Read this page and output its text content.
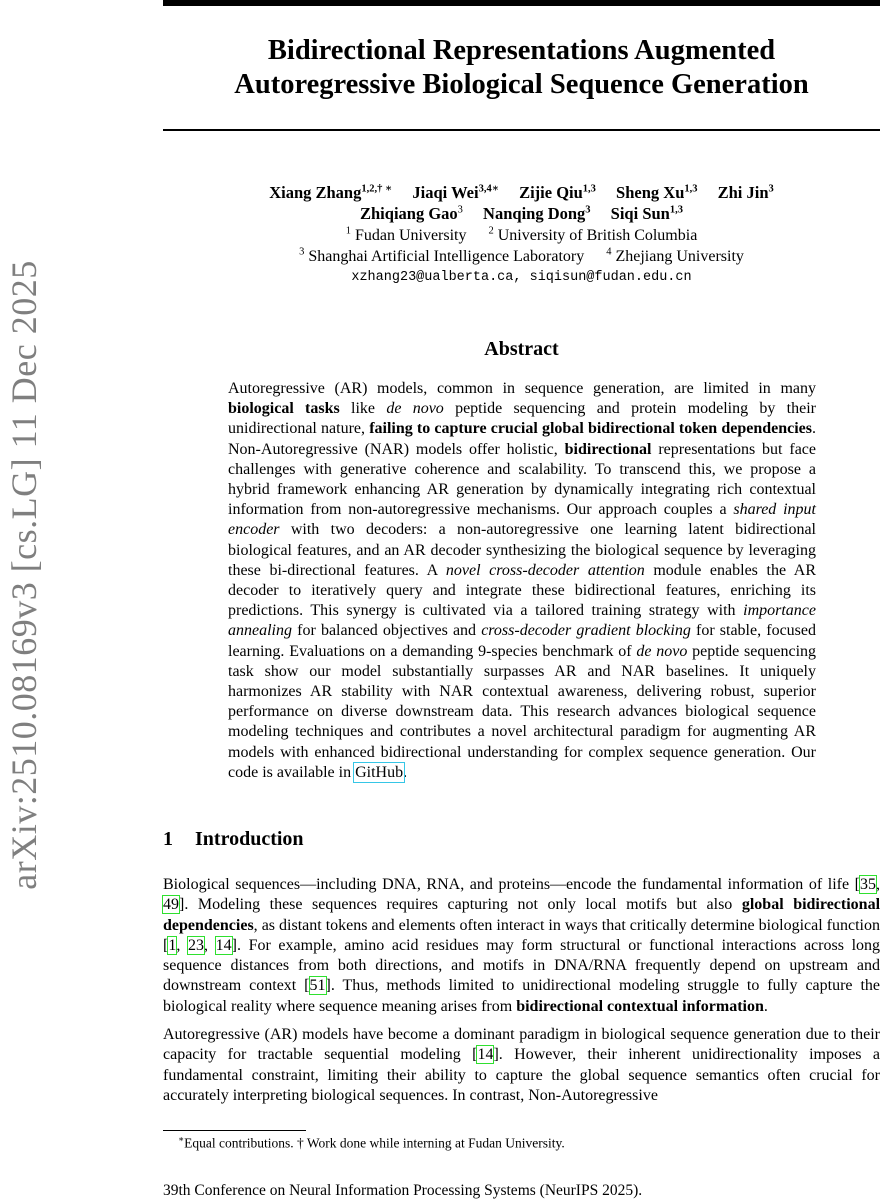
arXiv:2510.08169v3 [cs.LG] 11 Dec 2025
Bidirectional Representations Augmented
Autoregressive Biological Sequence Generation
Xiang Zhang$^{1,2,\dagger ∗}$ Jiaqi Wei$^{3,4∗}$ Zijie Qiu$^{1,3}$ Sheng Xu$^{1,3}$ Zhi Jin$^3$
Zhiqiang Gao$^3$ Nanqing Dong$^3$ Siqi Sun$^{1,3}$
$^1$ Fudan University $^2$ University of British Columbia
$^3$ Shanghai Artificial Intelligence Laboratory $^4$ Zhejiang University
xzhang23@ualberta.ca, siqisun@fudan.edu.cn
Abstract

Autoregressive (AR) models, common in sequence generation, are limited in many biological tasks like de novo peptide sequencing and protein modeling by their unidirectional nature, failing to capture crucial global bidirectional token dependencies. Non-Autoregressive (NAR) models offer holistic, bidirectional representations but face challenges with generative coherence and scalability. To transcend this, we propose a hybrid framework enhancing AR generation by dynamically integrating rich contextual information from non-autoregressive mechanisms. Our approach couples a shared input encoder with two decoders: a non-autoregressive one learning latent bidirectional biological features, and an AR decoder synthesizing the biological sequence by leveraging these bi-directional features. A novel cross-decoder attention module enables the AR decoder to iteratively query and integrate these bidirectional features, enriching its predictions. This synergy is cultivated via a tailored training strategy with importance annealing for balanced objectives and cross-decoder gradient blocking for stable, focused learning. Evaluations on a demanding 9-species benchmark of de novo peptide sequencing task show our model substantially surpasses AR and NAR baselines. It uniquely harmonizes AR stability with NAR contextual awareness, delivering robust, superior performance on diverse downstream data. This research advances biological sequence modeling techniques and contributes a novel architectural paradigm for augmenting AR models with enhanced bidirectional understanding for complex sequence generation. Our code is available in GitHub.

1 Introduction

Biological sequences—including DNA, RNA, and proteins—encode the fundamental information of life [35, 49]. Modeling these sequences requires capturing not only local motifs but also global bidirectional dependencies, as distant tokens and elements often interact in ways that critically determine biological function [1, 23, 14]. For example, amino acid residues may form structural or functional interactions across long sequence distances from both directions, and motifs in DNA/RNA frequently depend on upstream and downstream context [51]. Thus, methods limited to unidirectional modeling struggle to fully capture the biological reality where sequence meaning arises from bidirectional contextual information.

Autoregressive (AR) models have become a dominant paradigm in biological sequence generation due to their capacity for tractable sequential modeling [14]. However, their inherent unidirectionality imposes a fundamental constraint, limiting their ability to capture the global sequence semantics often crucial for accurately interpreting biological sequences. In contrast, Non-Autoregressive

∗Equal contributions. † Work done while interning at Fudan University.
39th Conference on Neural Information Processing Systems (NeurIPS 2025).
